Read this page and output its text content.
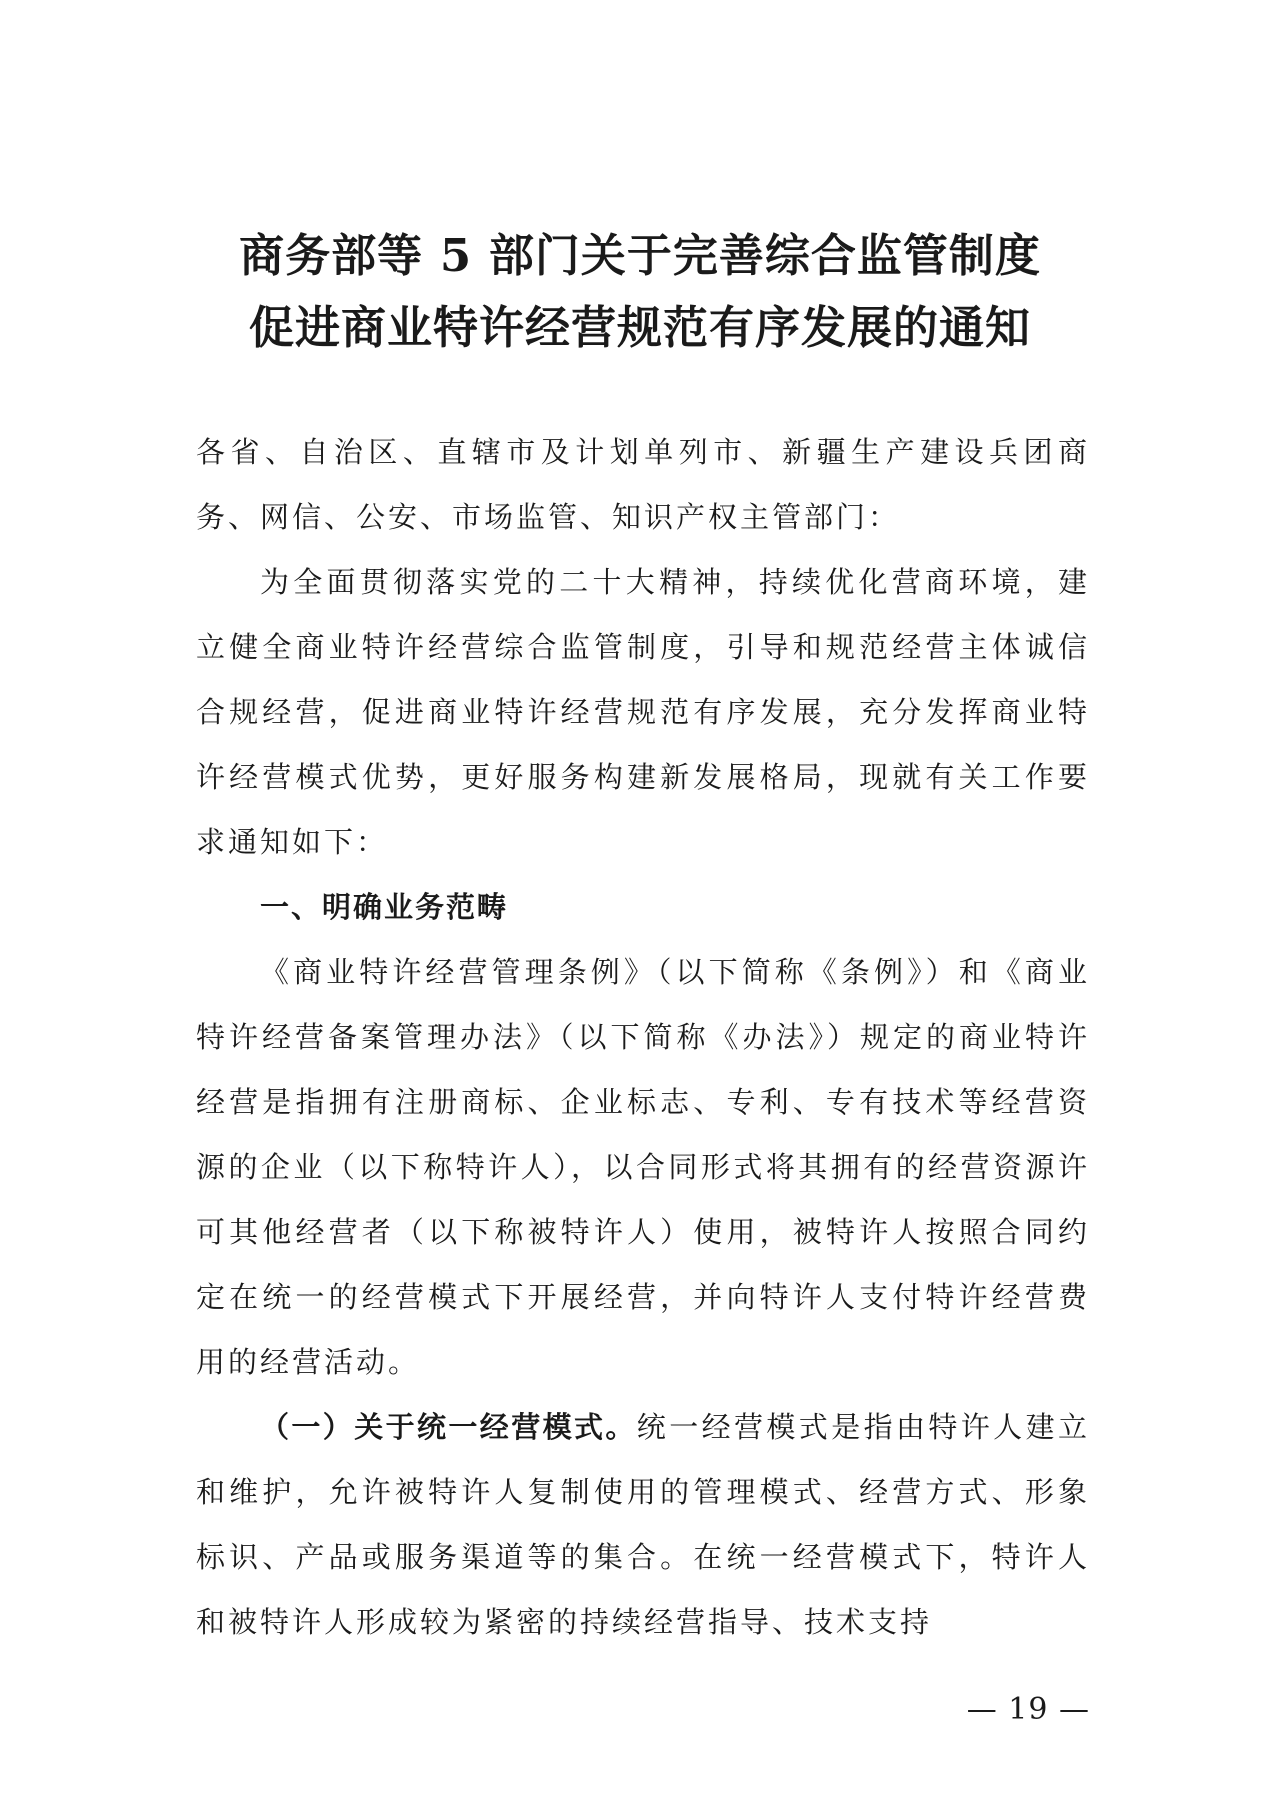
商务部等 5 部门关于完善综合监管制度
促进商业特许经营规范有序发展的通知

各省、自治区、直辖市及计划单列市、新疆生产建设兵团商务、网信、公安、市场监管、知识产权主管部门：

为全面贯彻落实党的二十大精神，持续优化营商环境，建立健全商业特许经营综合监管制度，引导和规范经营主体诚信合规经营，促进商业特许经营规范有序发展，充分发挥商业特许经营模式优势，更好服务构建新发展格局，现就有关工作要求通知如下：

一、明确业务范畴

《商业特许经营管理条例》（以下简称《条例》）和《商业特许经营备案管理办法》（以下简称《办法》）规定的商业特许经营是指拥有注册商标、企业标志、专利、专有技术等经营资源的企业（以下称特许人），以合同形式将其拥有的经营资源许可其他经营者（以下称被特许人）使用，被特许人按照合同约定在统一的经营模式下开展经营，并向特许人支付特许经营费用的经营活动。

（一）关于统一经营模式。统一经营模式是指由特许人建立和维护，允许被特许人复制使用的管理模式、经营方式、形象标识、产品或服务渠道等的集合。在统一经营模式下，特许人和被特许人形成较为紧密的持续经营指导、技术支持

— 19 —
